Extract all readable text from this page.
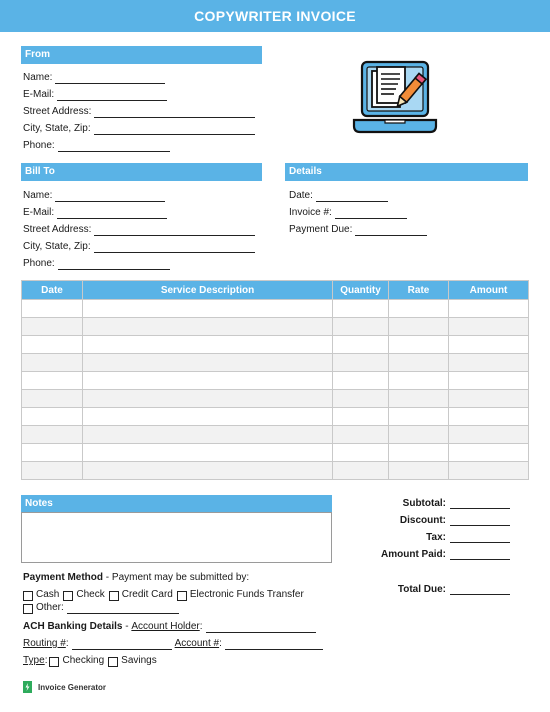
COPYWRITER INVOICE
From
Name:
E-Mail:
Street Address:
City, State, Zip:
Phone:
Bill To
Name:
E-Mail:
Street Address:
City, State, Zip:
Phone:
Details
Date:
Invoice #:
Payment Due:
Date	Service Description	Quantity	Rate	Amount

Notes	Subtotal:
Discount:
Tax:
Amount Paid:
Total Due:
Payment Method - Payment may be submitted by:
Cash Check Credit Card Electronic Funds Transfer
Other:
ACH Banking Details - Account Holder :
Routing # :	Account # :
Type : Checking Savings
Invoice Generator
